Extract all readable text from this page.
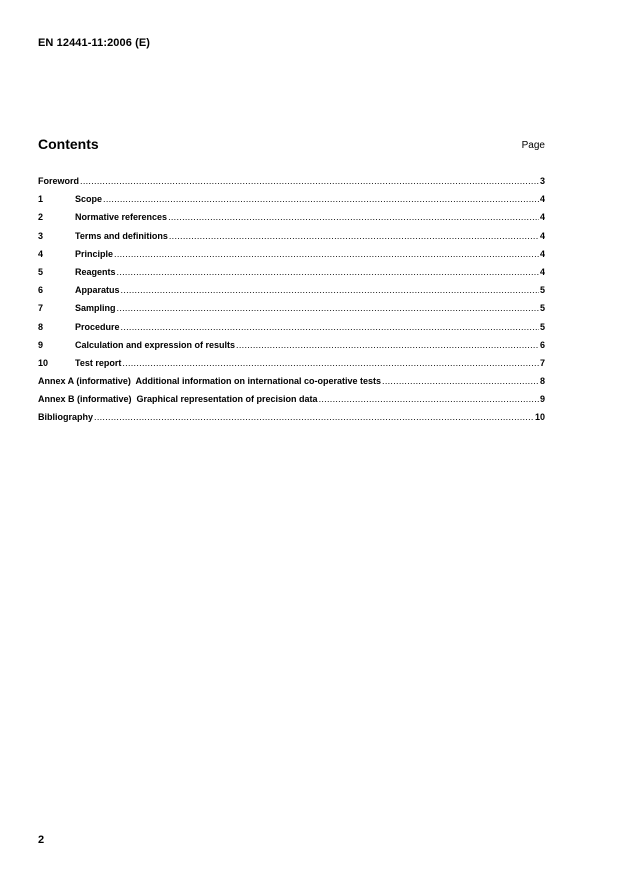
EN 12441-11:2006 (E)
Contents	Page
Foreword .....	3
1	Scope .....	4
2	Normative references .....	4
3	Terms and definitions .....	4
4	Principle .....	4
5	Reagents .....	4
6	Apparatus .....	5
7	Sampling .....	5
8	Procedure .....	5
9	Calculation and expression of results .....	6
10	Test report .....	7
Annex A (informative)  Additional information on international co-operative tests .....	8
Annex B (informative)  Graphical representation of precision data .....	9
Bibliography .....	10
2
